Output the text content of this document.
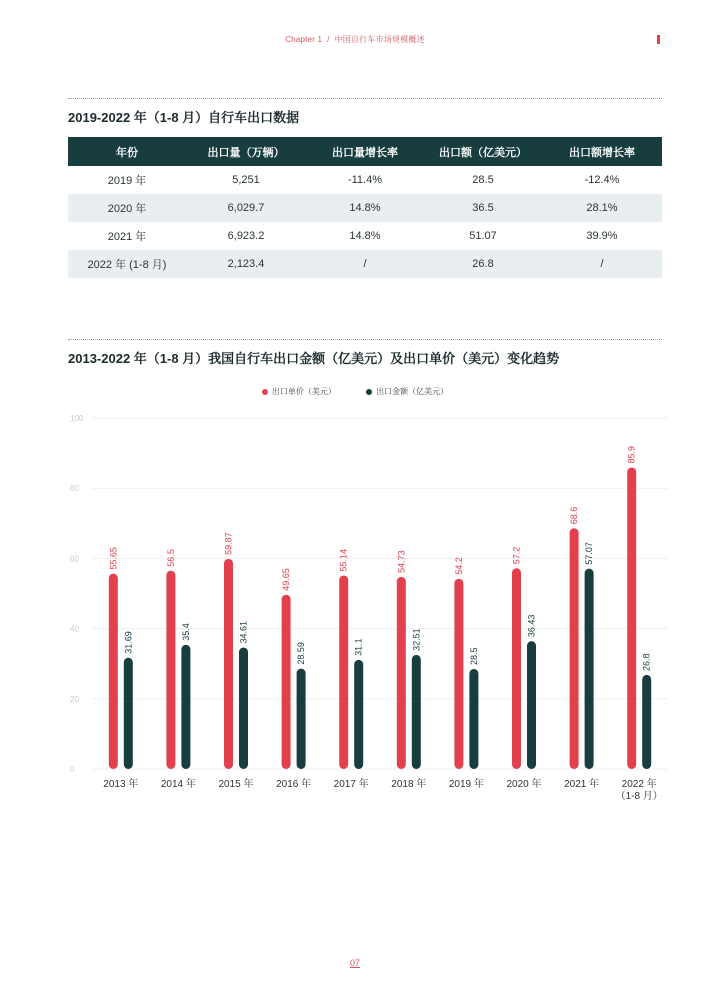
Chapter 1 / 中国自行车市场规模概述
2019-2022 年（1-8 月）自行车出口数据
年份	出口量（万辆）	出口量增长率	出口额（亿美元）	出口额增长率
2019 年	5,251	-11.4%	28.5	-12.4%
2020 年	6,029.7	14.8%	36.5	28.1%
2021 年	6,923.2	14.8%	51.07	39.9%
2022 年 (1-8 月)	2,123.4	/	26.8	/
2013-2022 年（1-8 月）我国自行车出口金额（亿美元）及出口单价（美元）变化趋势
出口单价（美元）	出口金额（亿美元）
0
20
40
60
80
100
55.65
31.69
2013 年
56.5
35.4
2014 年
59.87
34.61
2015 年
49.65
28.59
2016 年
55.14
31.1
2017 年
54.73
32.51
2018 年
54.2
28.5
2019 年
57.2
36.43
2020 年
68.6
57.07
2021 年
85.9
26.8
2022 年
（1-8 月）
07
